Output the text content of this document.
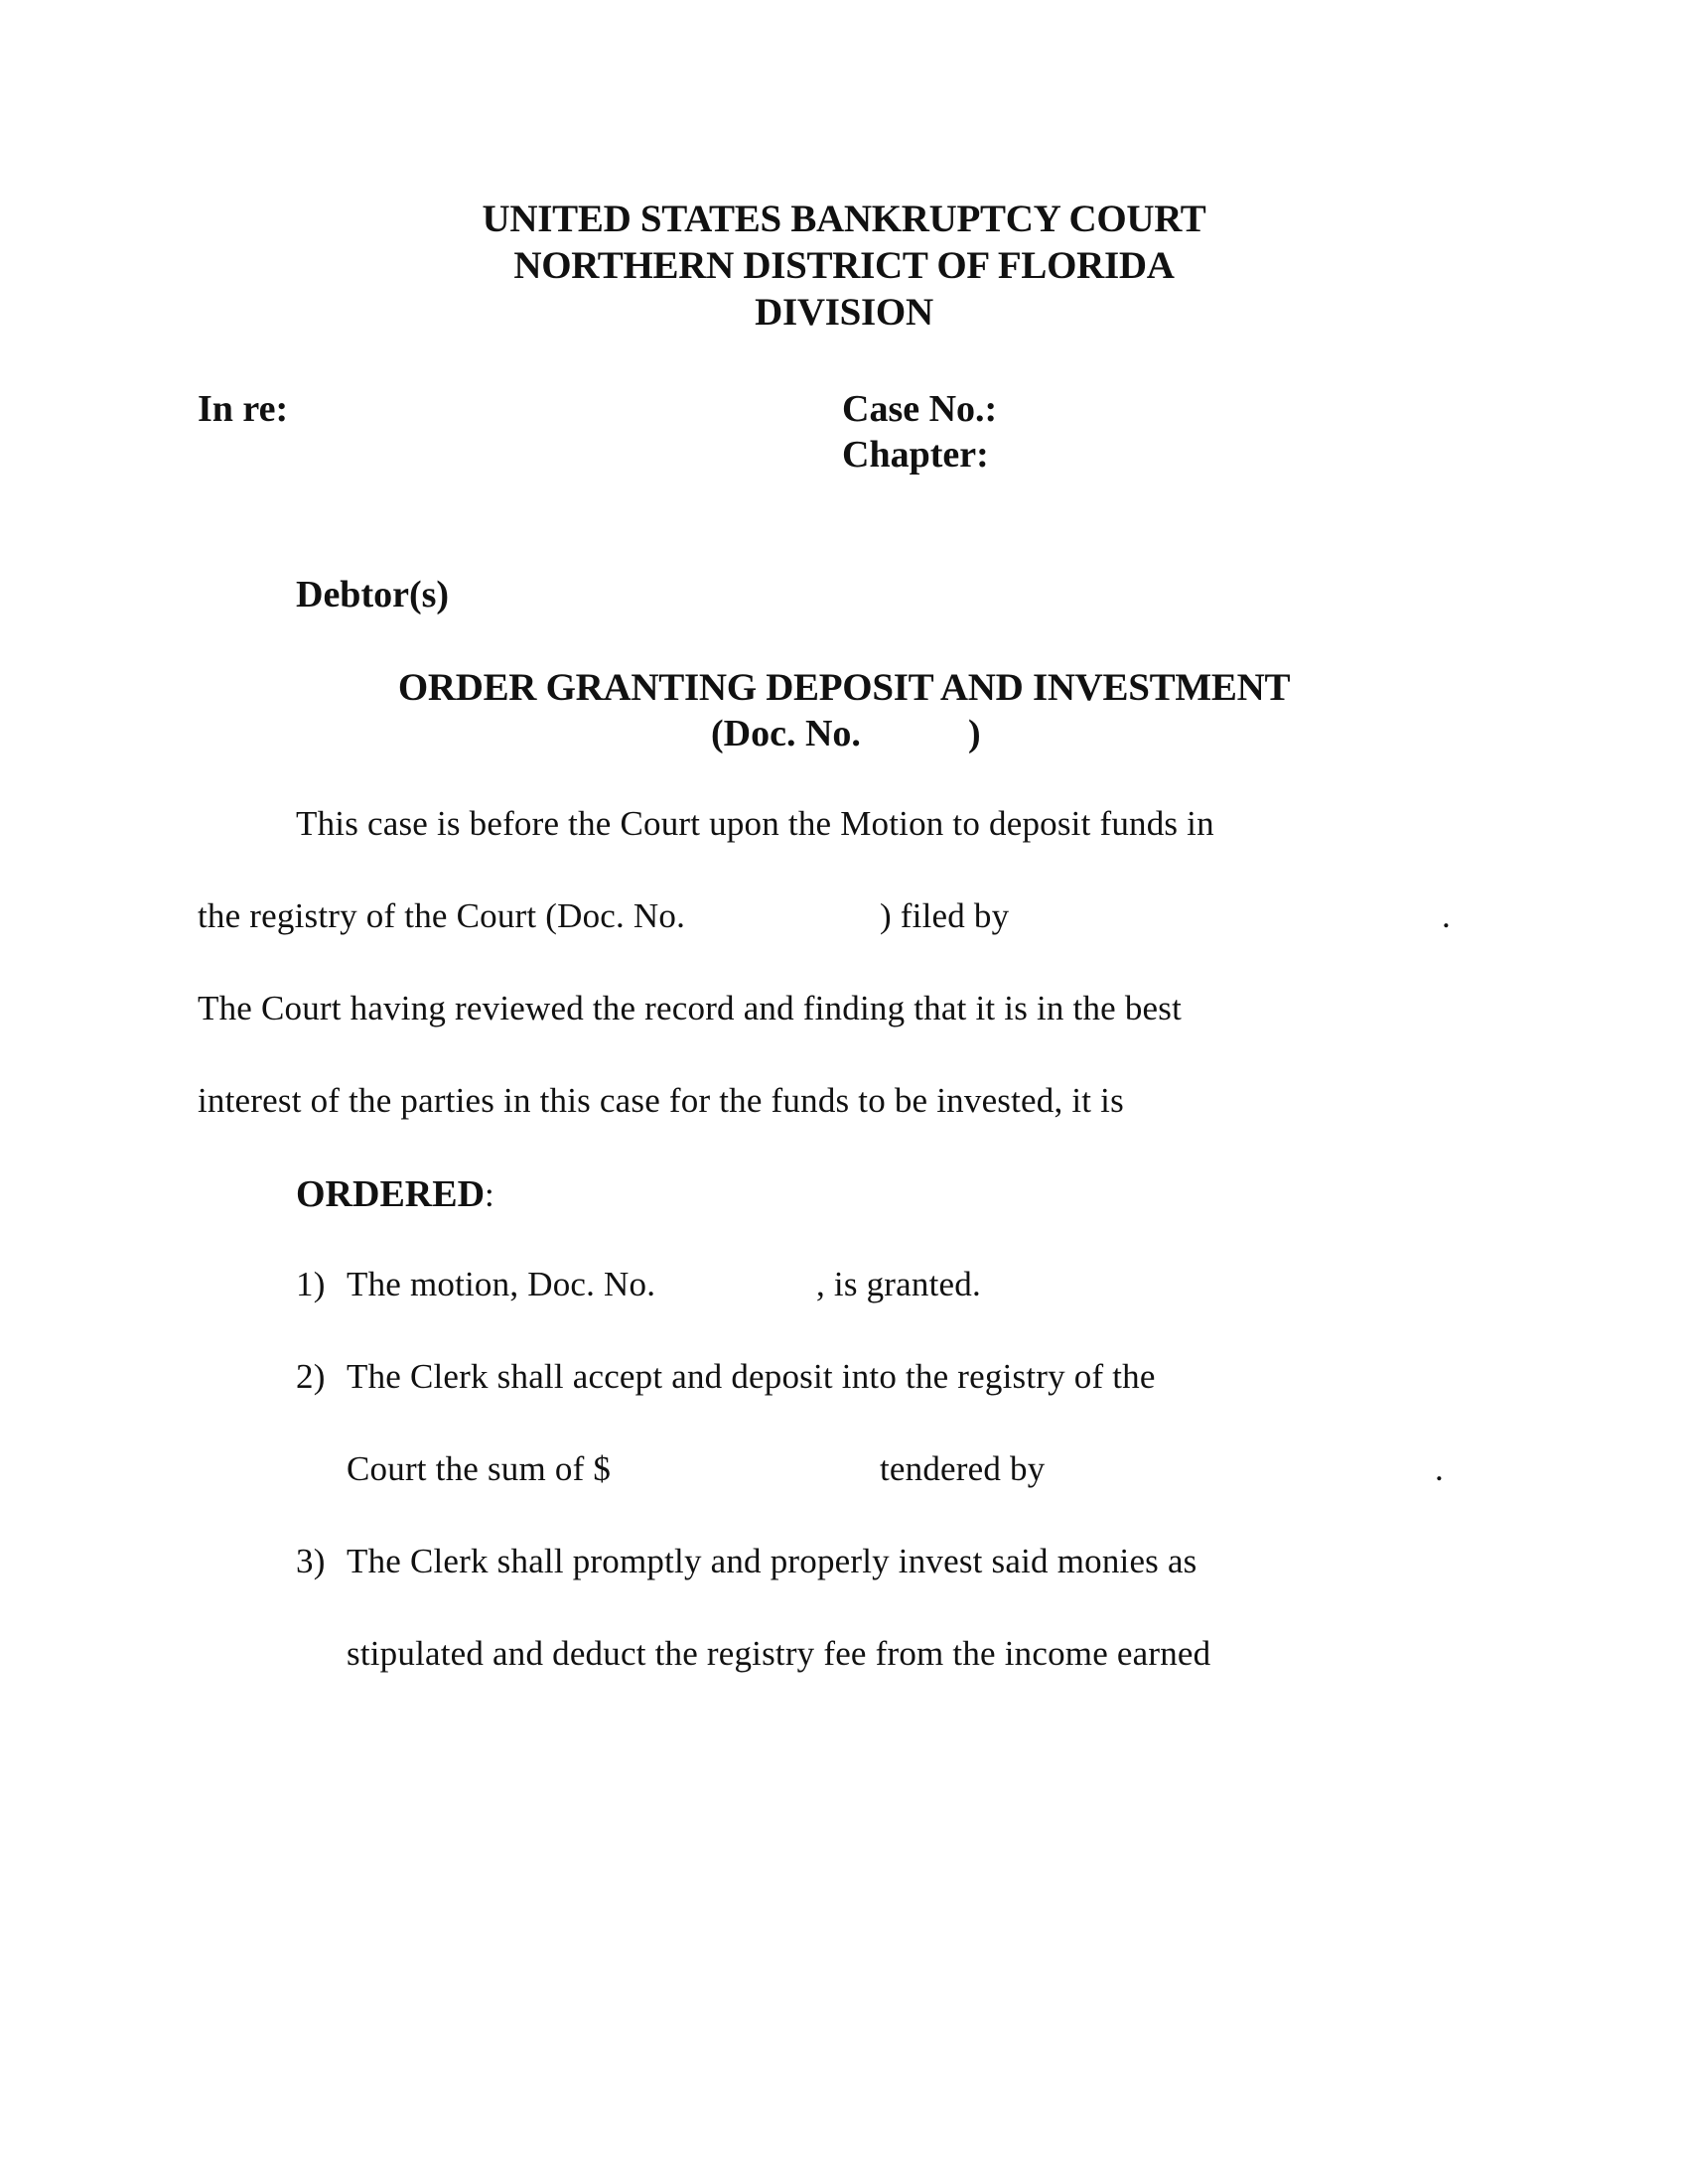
UNITED STATES BANKRUPTCY COURT
NORTHERN DISTRICT OF FLORIDA
DIVISION
In re:	Case No.:
Chapter:
Debtor(s)
ORDER GRANTING DEPOSIT AND INVESTMENT
(Doc. No.	)
This case is before the Court upon the Motion to deposit funds in
the registry of the Court (Doc. No.	) filed by	.
The Court having reviewed the record and finding that it is in the best
interest of the parties in this case for the funds to be invested, it is
ORDERED:
1) The motion, Doc. No.	, is granted.
2) The Clerk shall accept and deposit into the registry of the
Court the sum of $	tendered by	.
3) The Clerk shall promptly and properly invest said monies as
stipulated and deduct the registry fee from the income earned
